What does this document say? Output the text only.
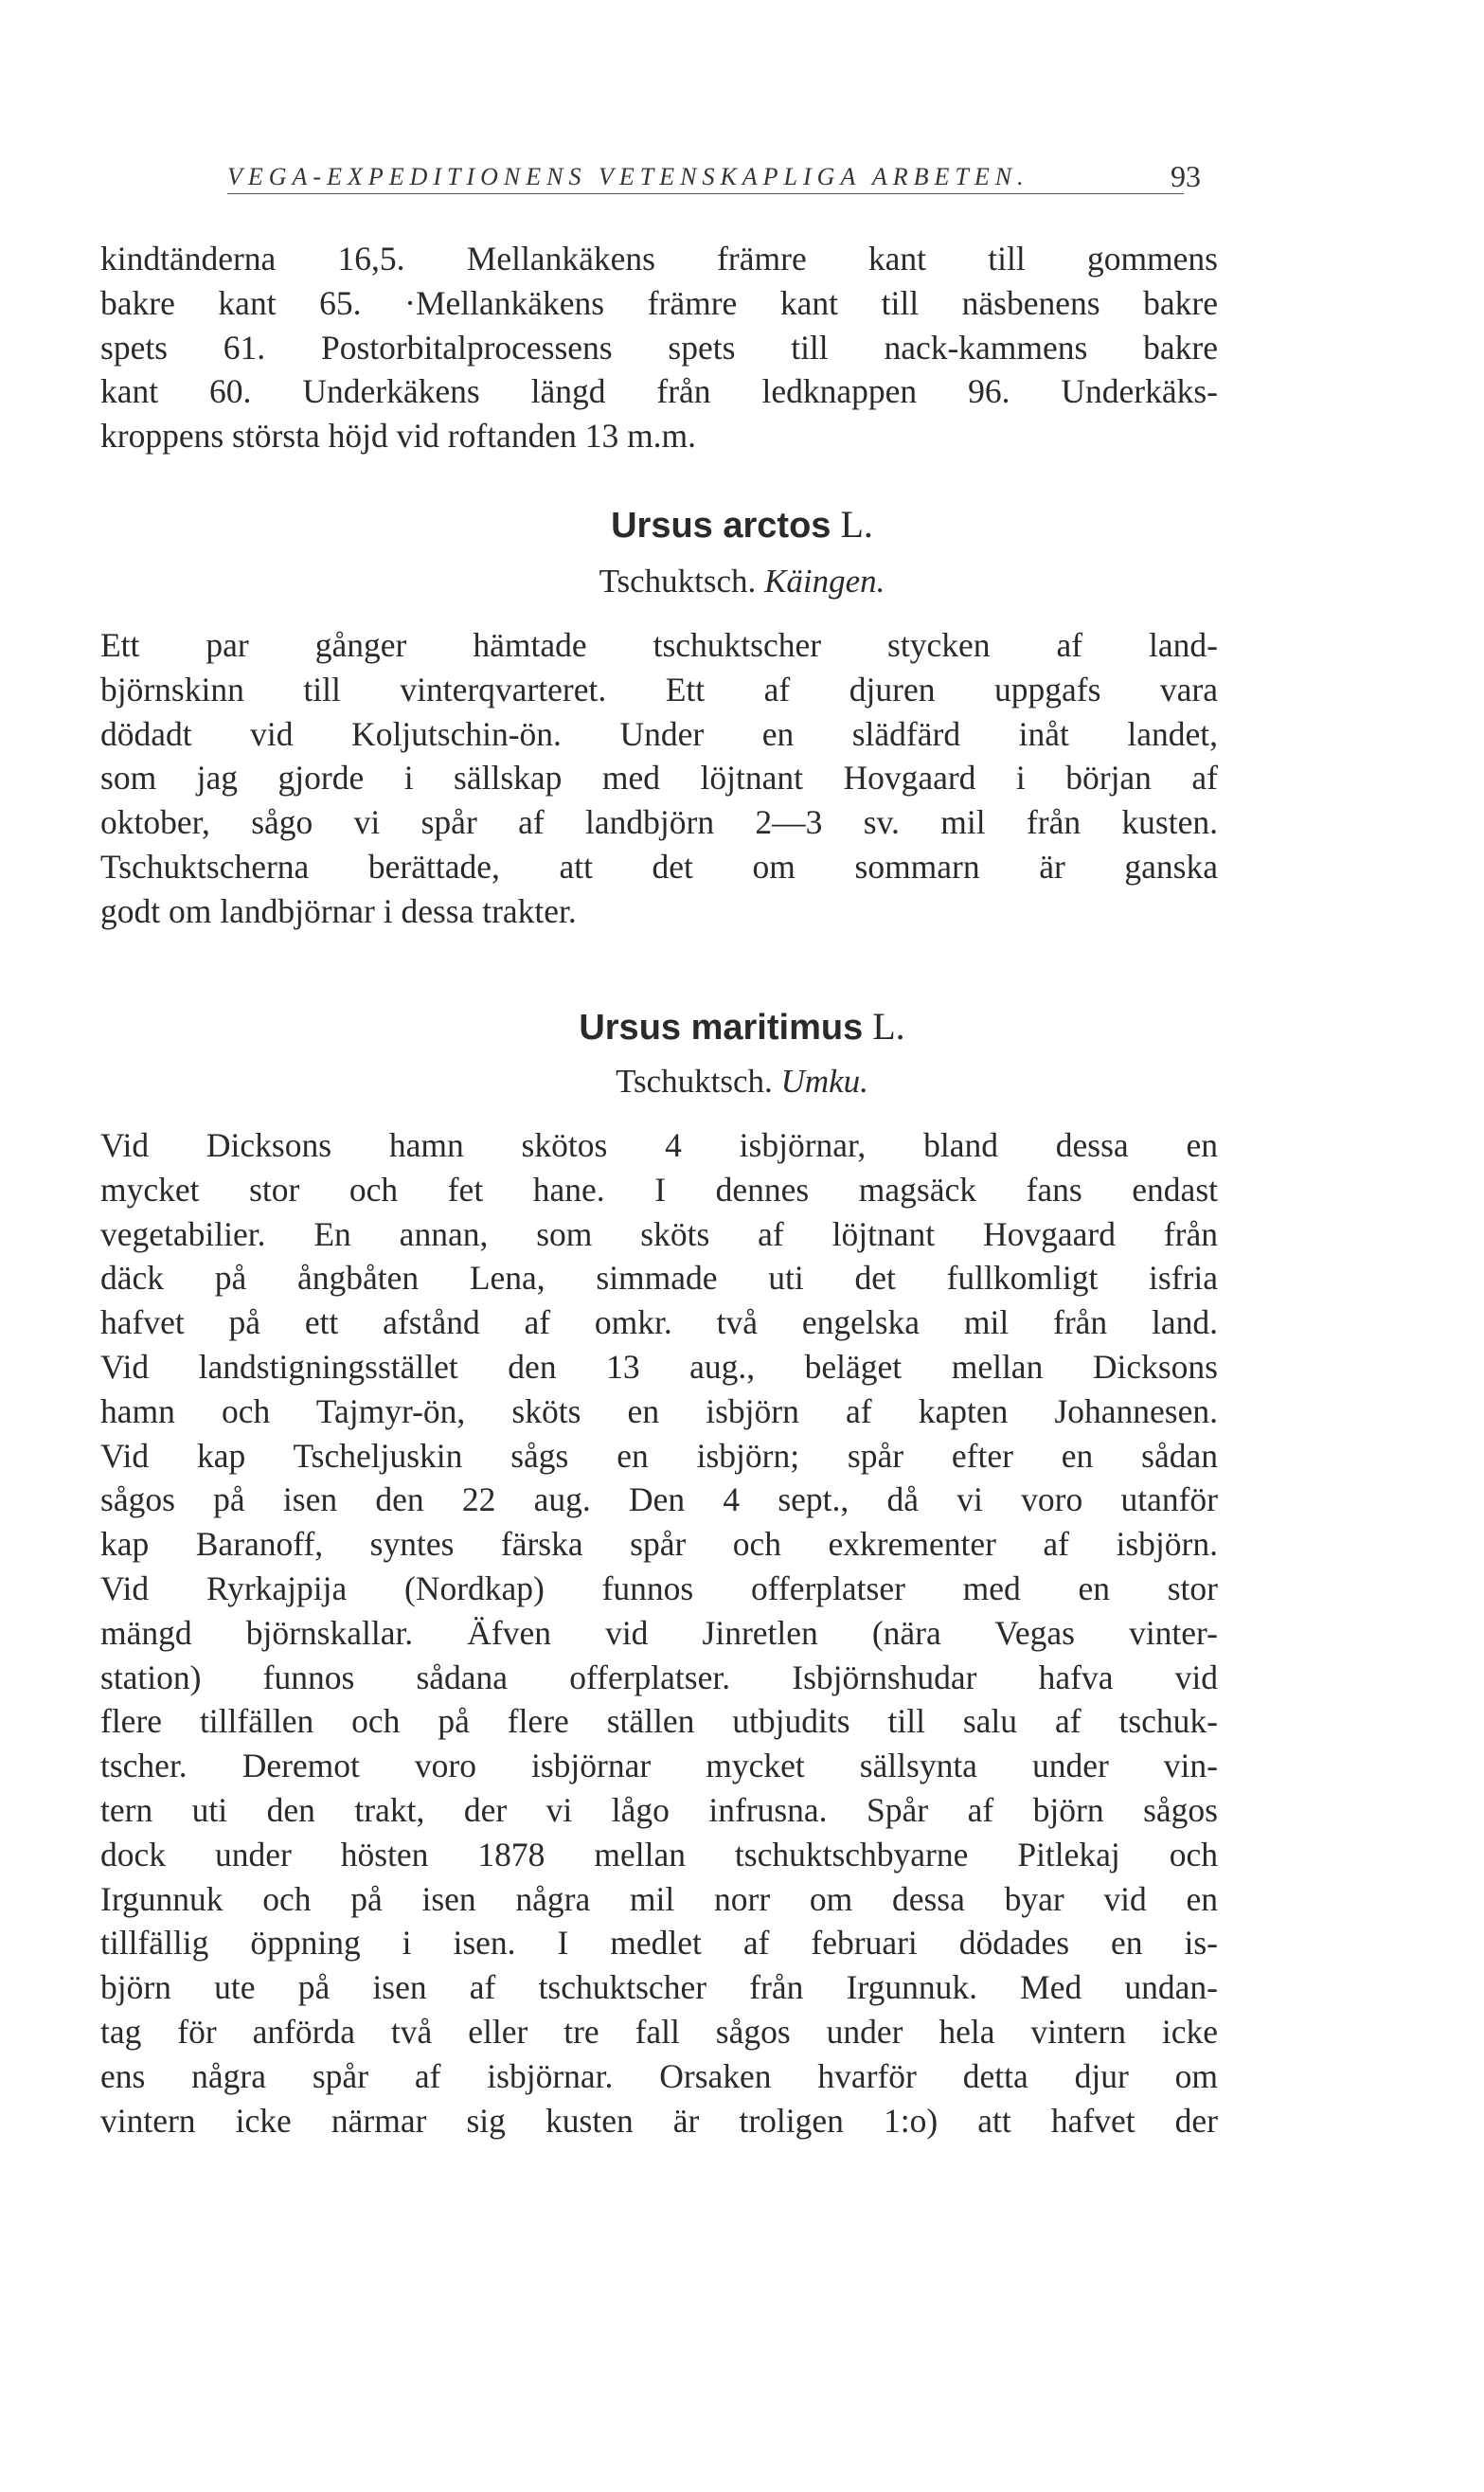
VEGA-EXPEDITIONENS VETENSKAPLIGA ARBETEN.	93
kindtänderna 16,5. Mellankäkens främre kant till gommens
bakre kant 65. ·Mellankäkens främre kant till näsbenens bakre
spets 61. Postorbitalprocessens spets till nack-kammens bakre
kant 60. Underkäkens längd från ledknappen 96. Underkäks-
kroppens största höjd vid roftanden 13 m.m.
Ursus arctos L.
Tschuktsch. Käingen.
Ett par gånger hämtade tschuktscher stycken af land-
björnskinn till vinterqvarteret. Ett af djuren uppgafs vara
dödadt vid Koljutschin-ön. Under en slädfärd inåt landet,
som jag gjorde i sällskap med löjtnant Hovgaard i början af
oktober, sågo vi spår af landbjörn 2—3 sv. mil från kusten.
Tschuktscherna berättade, att det om sommarn är ganska
godt om landbjörnar i dessa trakter.
Ursus maritimus L.
Tschuktsch. Umku.
Vid Dicksons hamn skötos 4 isbjörnar, bland dessa en
mycket stor och fet hane. I dennes magsäck fans endast
vegetabilier. En annan, som sköts af löjtnant Hovgaard från
däck på ångbåten Lena, simmade uti det fullkomligt isfria
hafvet på ett afstånd af omkr. två engelska mil från land.
Vid landstigningsstället den 13 aug., beläget mellan Dicksons
hamn och Tajmyr-ön, sköts en isbjörn af kapten Johannesen.
Vid kap Tscheljuskin sågs en isbjörn; spår efter en sådan
sågos på isen den 22 aug. Den 4 sept., då vi voro utanför
kap Baranoff, syntes färska spår och exkrementer af isbjörn.
Vid Ryrkajpija (Nordkap) funnos offerplatser med en stor
mängd björnskallar. Äfven vid Jinretlen (nära Vegas vinter-
station) funnos sådana offerplatser. Isbjörnshudar hafva vid
flere tillfällen och på flere ställen utbjudits till salu af tschuk-
tscher. Deremot voro isbjörnar mycket sällsynta under vin-
tern uti den trakt, der vi lågo infrusna. Spår af björn sågos
dock under hösten 1878 mellan tschuktschbyarne Pitlekaj och
Irgunnuk och på isen några mil norr om dessa byar vid en
tillfällig öppning i isen. I medlet af februari dödades en is-
björn ute på isen af tschuktscher från Irgunnuk. Med undan-
tag för anförda två eller tre fall sågos under hela vintern icke
ens några spår af isbjörnar. Orsaken hvarför detta djur om
vintern icke närmar sig kusten är troligen 1:o) att hafvet der
